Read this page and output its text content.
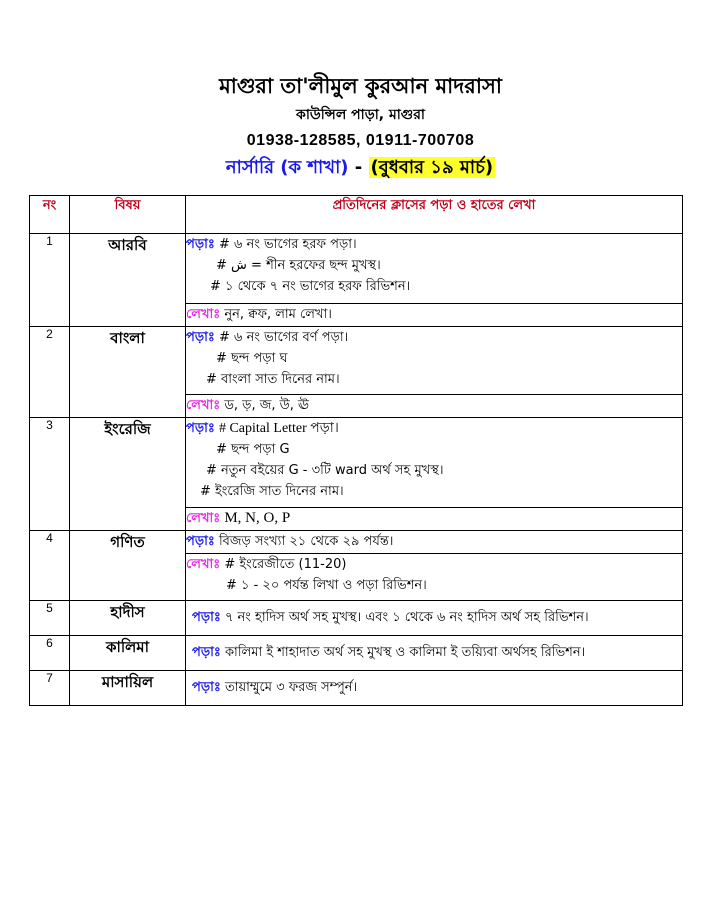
মাগুরা তা'লীমুল কুরআন মাদরাসা
কাউন্সিল পাড়া, মাগুরা
01938-128585, 01911-700708
নার্সারি (ক শাখা) - (বুধবার ১৯ মার্চ)
নং	বিষয়	প্রতিদিনের ক্লাসের পড়া ও হাতের লেখা
1	আরবি	পড়াঃ # ৬ নং ভাগের হরফ পড়া।
# ش = শীন হরফের ছন্দ মুখস্থ।
# ১ থেকে ৭ নং ভাগের হরফ রিভিশন।

		লেখাঃ নুন, ক্বফ, লাম লেখা।
2	বাংলা	পড়াঃ # ৬ নং ভাগের বর্ণ পড়া।
# ছন্দ পড়া ঘ
# বাংলা সাত দিনের নাম।

		লেখাঃ ড, ড়, জ, উ, ঊ
3	ইংরেজি	পড়াঃ # Capital Letter পড়া।
# ছন্দ পড়া G
# নতুন বইয়ের G - ৩টি ward অর্থ সহ মুখস্থ।
# ইংরেজি সাত দিনের নাম।

		লেখাঃ M, N, O, P
4	গণিত	পড়াঃ বিজড় সংখ্যা ২১ থেকে ২৯ পর্যন্ত।

		লেখাঃ # ইংরেজীতে (11-20)
# ১ - ২০ পর্যন্ত লিখা ও পড়া রিভিশন।

5	হাদীস	পড়াঃ ৭ নং হাদিস অর্থ সহ মুখস্থ। এবং ১ থেকে ৬ নং হাদিস অর্থ সহ রিভিশন।
6	কালিমা	পড়াঃ কালিমা ই শাহাদাত অর্থ সহ মুখস্থ ও কালিমা ই তয়্যিবা অর্থসহ রিভিশন।
7	মাসায়িল	পড়াঃ তায়াম্মুমে ৩ ফরজ সম্পুর্ন।
